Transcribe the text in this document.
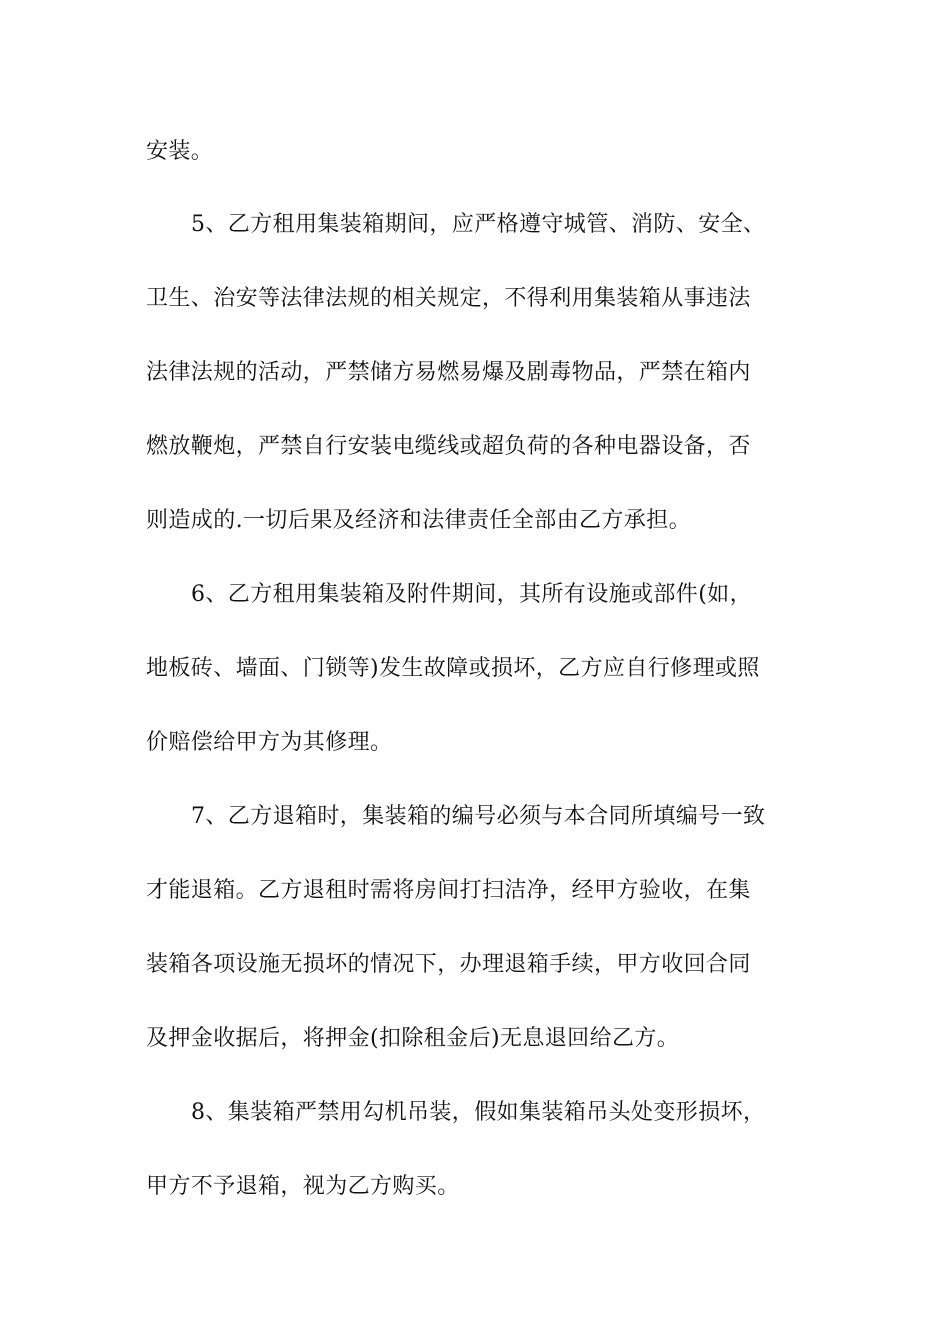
安装。
5、乙方租用集装箱期间，应严格遵守城管、消防、安全、
卫生、治安等法律法规的相关规定，不得利用集装箱从事违法
法律法规的活动，严禁储方易燃易爆及剧毒物品，严禁在箱内
燃放鞭炮，严禁自行安装电缆线或超负荷的各种电器设备，否
则造成的.一切后果及经济和法律责任全部由乙方承担。
6、乙方租用集装箱及附件期间，其所有设施或部件(如，
地板砖、墙面、门锁等)发生故障或损坏，乙方应自行修理或照
价赔偿给甲方为其修理。
7、乙方退箱时，集装箱的编号必须与本合同所填编号一致
才能退箱。乙方退租时需将房间打扫洁净，经甲方验收，在集
装箱各项设施无损坏的情况下，办理退箱手续，甲方收回合同
及押金收据后，将押金(扣除租金后)无息退回给乙方。
8、集装箱严禁用勾机吊装，假如集装箱吊头处变形损坏，
甲方不予退箱，视为乙方购买。
